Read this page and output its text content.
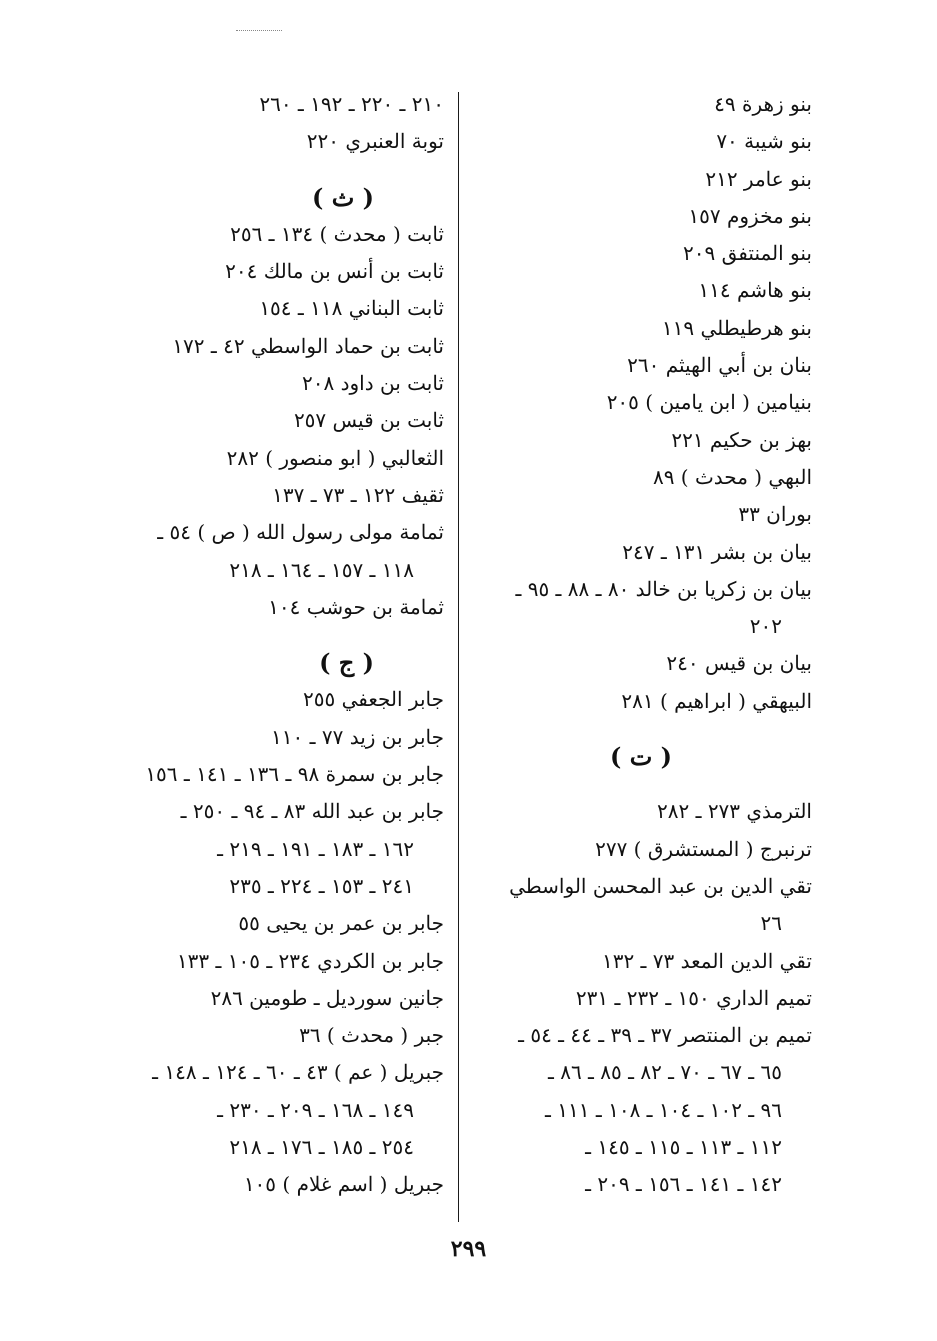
بنو زهرة ٤٩
بنو شيبة ٧٠
بنو عامر ٢١٢
بنو مخزوم ١٥٧
بنو المنتفق ٢٠٩
بنو هاشم ١١٤
بنو هرطيطلي ١١٩
بنان بن أبي الهيثم ٢٦٠
بنيامين ( ابن يامين ) ٢٠٥
بهز بن حكيم ٢٢١
البهي ( محدث ) ٨٩
بوران ٣٣
بيان بن بشر ١٣١ ـ ٢٤٧
بيان بن زكريا بن خالد ٨٠ ـ ٨٨ ـ ٩٥ ـ
٢٠٢
بيان بن قيس ٢٤٠
البيهقي ( ابراهيم ) ٢٨١
( ت )
الترمذي ٢٧٣ ـ ٢٨٢
ترنبرج ( المستشرق ) ٢٧٧
تقي الدين بن عبد المحسن الواسطي
٢٦
تقي الدين المعد ٧٣ ـ ١٣٢
تميم الداري ١٥٠ ـ ٢٣٢ ـ ٢٣١
تميم بن المنتصر ٣٧ ـ ٣٩ ـ ٤٤ ـ ٥٤ ـ
٦٥ ـ ٦٧ ـ ٧٠ ـ ٨٢ ـ ٨٥ ـ ٨٦ ـ
٩٦ ـ ١٠٢ ـ ١٠٤ ـ ١٠٨ ـ ١١١ ـ
١١٢ ـ ١١٣ ـ ١١٥ ـ ١٤٥ ـ
١٤٢ ـ ١٤١ ـ ١٥٦ ـ ٢٠٩ ـ
٢١٠ ـ ٢٢٠ ـ ١٩٢ ـ ٢٦٠
توبة العنبري ٢٢٠
( ث )
ثابت ( محدث ) ١٣٤ ـ ٢٥٦
ثابت بن أنس بن مالك ٢٠٤
ثابت البناني ١١٨ ـ ١٥٤
ثابت بن حماد الواسطي ٤٢ ـ ١٧٢
ثابت بن داود ٢٠٨
ثابت بن قيس ٢٥٧
الثعالبي ( ابو منصور ) ٢٨٢
ثقيف ١٢٢ ـ ٧٣ ـ ١٣٧
ثمامة مولى رسول الله ( ص ) ٥٤ ـ
١١٨ ـ ١٥٧ ـ ١٦٤ ـ ٢١٨
ثمامة بن حوشب ١٠٤
( ج )
جابر الجعفي ٢٥٥
جابر بن زيد ٧٧ ـ ١١٠
جابر بن سمرة ٩٨ ـ ١٣٦ ـ ١٤١ ـ ١٥٦
جابر بن عبد الله ٨٣ ـ ٩٤ ـ ٢٥٠ ـ
١٦٢ ـ ١٨٣ ـ ١٩١ ـ ٢١٩ ـ
٢٤١ ـ ١٥٣ ـ ٢٢٤ ـ ٢٣٥
جابر بن عمر بن يحيى ٥٥
جابر بن الكردي ٢٣٤ ـ ١٠٥ ـ ١٣٣
جانين سورديل ـ طومين ٢٨٦
جبر ( محدث ) ٣٦
جبريل ( عم ) ٤٣ ـ ٦٠ ـ ١٢٤ ـ ١٤٨ ـ
١٤٩ ـ ١٦٨ ـ ٢٠٩ ـ ٢٣٠ ـ
٢٥٤ ـ ١٨٥ ـ ١٧٦ ـ ٢١٨
جبريل ( اسم غلام ) ١٠٥
٢٩٩
